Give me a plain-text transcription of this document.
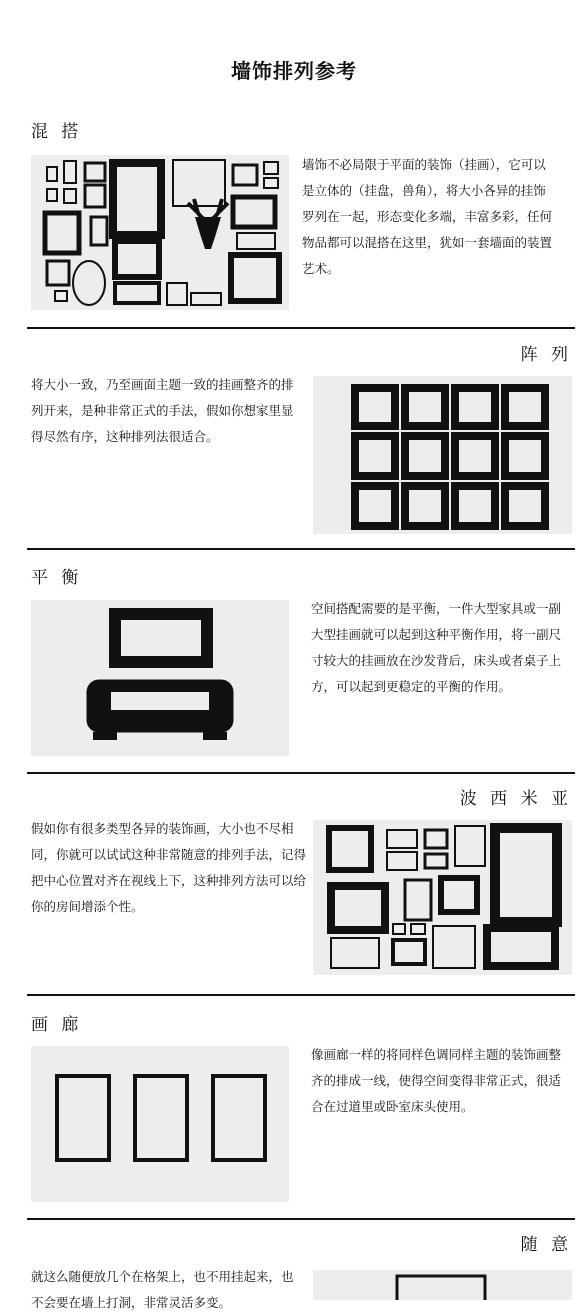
墙饰排列参考
混 搭
墙饰不必局限于平面的装饰（挂画），它可以是立体的（挂盘，兽角），将大小各异的挂饰罗列在一起，形态变化多端，丰富多彩，任何物品都可以混搭在这里，犹如一套墙面的装置艺术。
阵 列
将大小一致，乃至画面主题一致的挂画整齐的排列开来，是种非常正式的手法，假如你想家里显得尽然有序，这种排列法很适合。
平 衡
空间搭配需要的是平衡，一件大型家具或一副大型挂画就可以起到这种平衡作用，将一副尺寸较大的挂画放在沙发背后，床头或者桌子上方，可以起到更稳定的平衡的作用。
波 西 米 亚
假如你有很多类型各异的装饰画，大小也不尽相同，你就可以试试这种非常随意的排列手法，记得把中心位置对齐在视线上下，这种排列方法可以给你的房间增添个性。
画 廊
像画廊一样的将同样色调同样主题的装饰画整齐的排成一线，使得空间变得非常正式，很适合在过道里或卧室床头使用。
随 意
就这么随便放几个在格架上，也不用挂起来，也不会要在墙上打洞，非常灵活多变。
